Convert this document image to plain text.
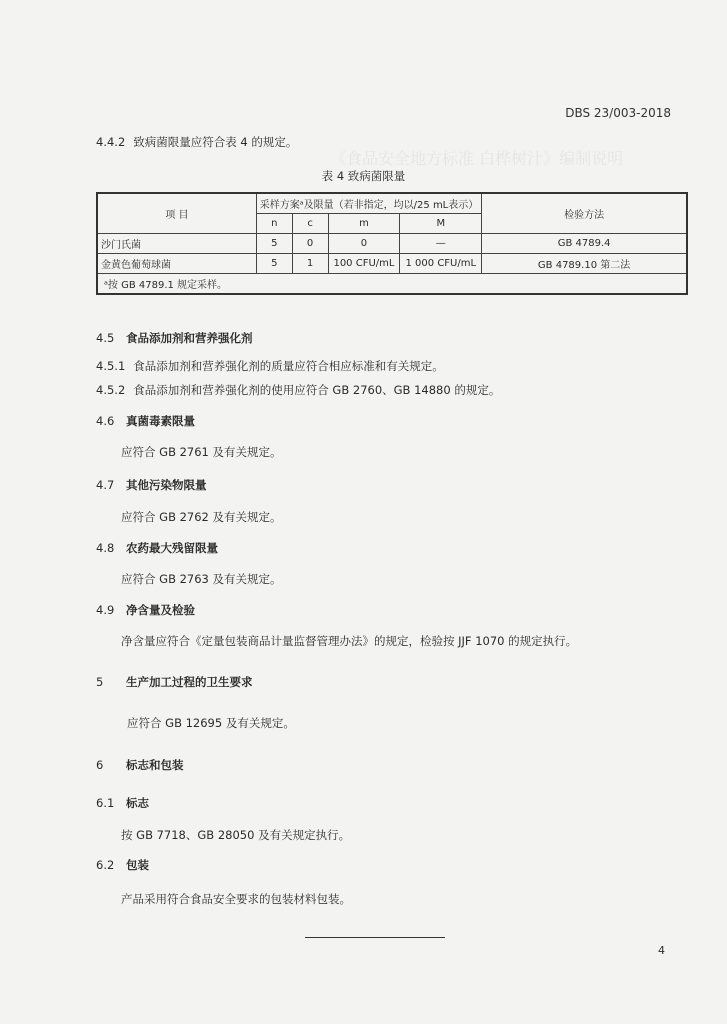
《食品安全地方标准 白桦树汁》编制说明
DBS 23/003-2018
4.4.2 致病菌限量应符合表 4 的规定。
表 4 致病菌限量
项 目	采样方案ᵃ及限量（若非指定，均以/25 mL表示）				检验方法
	n	c	m	M	
沙门氏菌	5	0	0	—	GB 4789.4
金黄色葡萄球菌	5	1	100 CFU/mL	1 000 CFU/mL	GB 4789.10 第二法
ᵃ按 GB 4789.1 规定采样。					
4.5 食品添加剂和营养强化剂
4.5.1 食品添加剂和营养强化剂的质量应符合相应标准和有关规定。
4.5.2 食品添加剂和营养强化剂的使用应符合 GB 2760、GB 14880 的规定。
4.6 真菌毒素限量
应符合 GB 2761 及有关规定。
4.7 其他污染物限量
应符合 GB 2762 及有关规定。
4.8 农药最大残留限量
应符合 GB 2763 及有关规定。
4.9 净含量及检验
净含量应符合《定量包装商品计量监督管理办法》的规定，检验按 JJF 1070 的规定执行。
5 生产加工过程的卫生要求
应符合 GB 12695 及有关规定。
6 标志和包装
6.1 标志
按 GB 7718、GB 28050 及有关规定执行。
6.2 包装
产品采用符合食品安全要求的包装材料包装。
4
